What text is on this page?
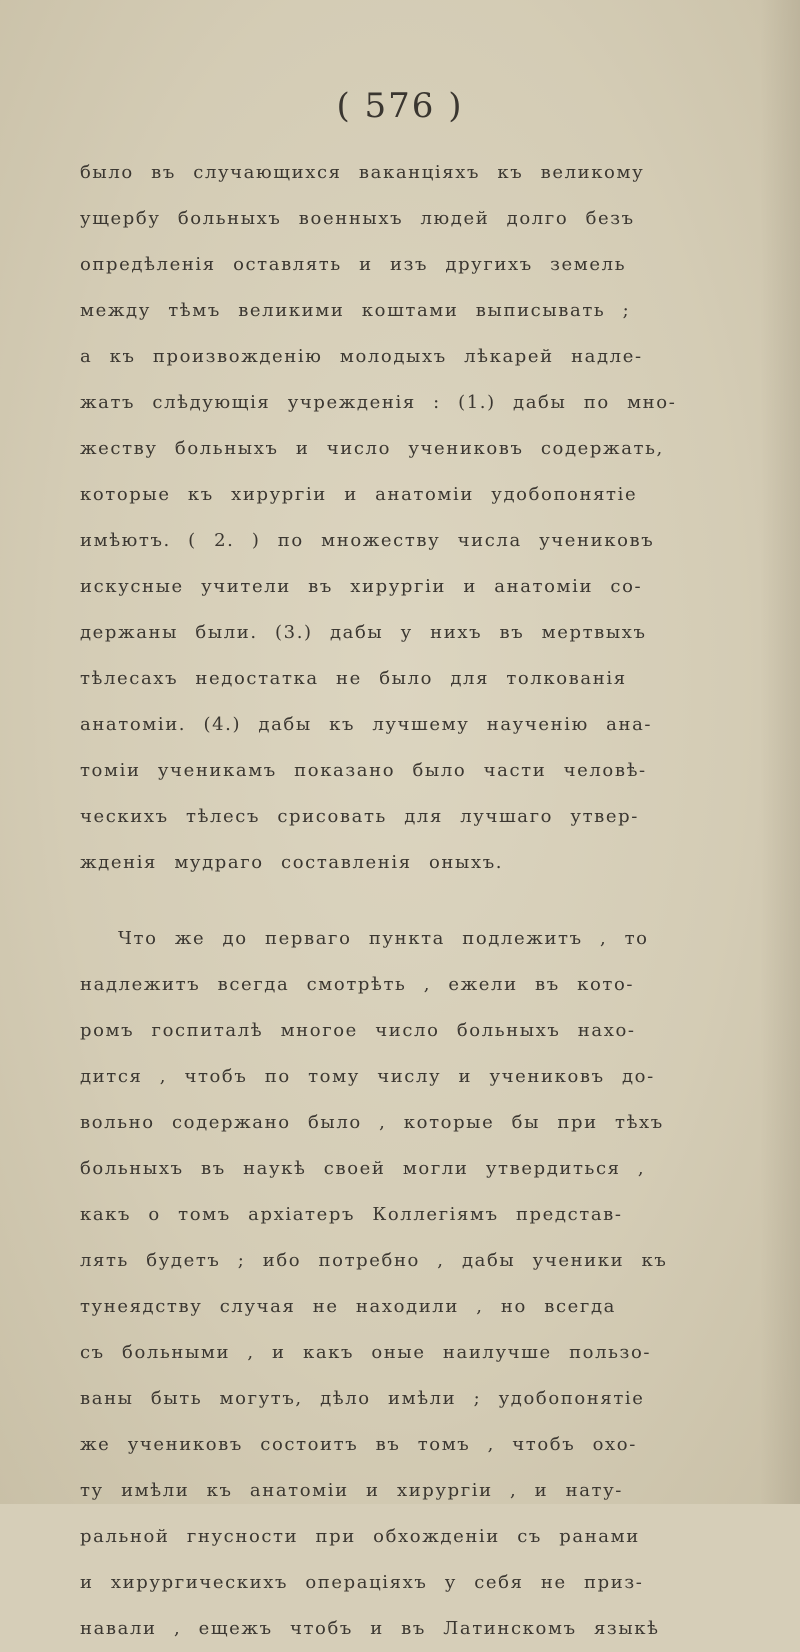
( 576 )
было въ случающихся ваканціяхъ къ великому
ущербу больныхъ военныхъ людей долго безъ
опредѣленія оставлять и изъ другихъ земель
между тѣмъ великими коштами выписывать ;
а къ произвожденію молодыхъ лѣкарей надле-
жатъ слѣдующія учрежденія : (1.) дабы по мно-
жеству больныхъ и число учениковъ содержать,
которые къ хирургіи и анатоміи удобопонятіе
имѣютъ. ( 2. ) по множеству числа учениковъ
искусные учители въ хирургіи и анатоміи со-
держаны были. (3.) дабы у нихъ въ мертвыхъ
тѣлесахъ недостатка не было для толкованія
анатоміи. (4.) дабы къ лучшему наученію ана-
томіи ученикамъ показано было части человѣ-
ческихъ тѣлесъ срисовать для лучшаго утвер-
жденія мудраго составленія оныхъ.
Что же до перваго пункта подлежитъ , то
надлежитъ всегда смотрѣть , ежели въ кото-
ромъ госпиталѣ многое число больныхъ нахо-
дится , чтобъ по тому числу и учениковъ до-
вольно содержано было , которые бы при тѣхъ
больныхъ въ наукѣ своей могли утвердиться ,
какъ о томъ архіатеръ Коллегіямъ представ-
лять будетъ ; ибо потребно , дабы ученики къ
тунеядству случая не находили , но всегда
съ больными , и какъ оные наилучше пользо-
ваны быть могутъ, дѣло имѣли ; удобопонятіе
же учениковъ состоитъ въ томъ , чтобъ охо-
ту имѣли къ анатоміи и хирургіи , и нату-
ральной гнусности при обхожденіи съ ранами
и хирургическихъ операціяхъ у себя не приз-
навали , ещежъ чтобъ и въ Латинскомъ языкѣ
